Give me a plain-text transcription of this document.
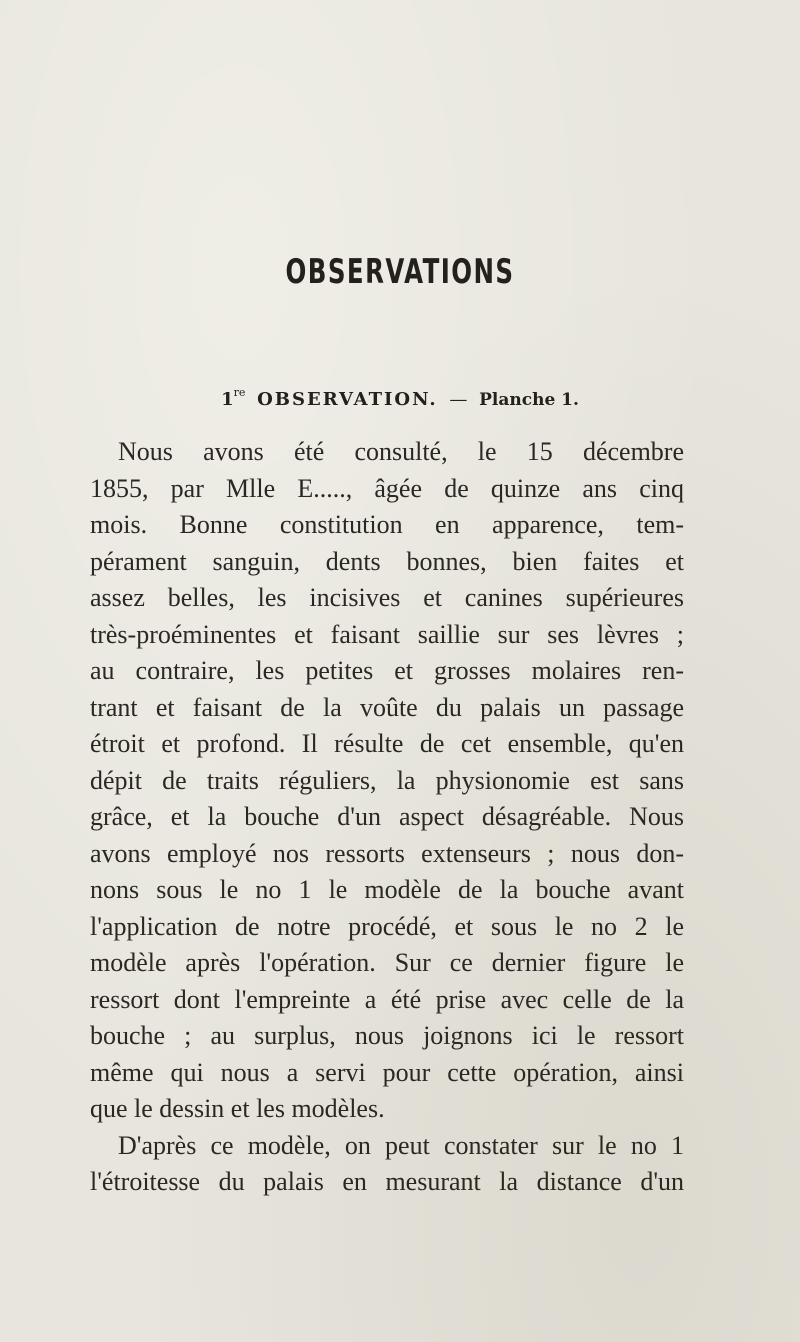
OBSERVATIONS
1re OBSERVATION. — Planche 1.
Nous avons été consulté, le 15 décembre
1855, par Mlle E....., âgée de quinze ans cinq
mois. Bonne constitution en apparence, tem-
pérament sanguin, dents bonnes, bien faites et
assez belles, les incisives et canines supérieures
très-proéminentes et faisant saillie sur ses lèvres ;
au contraire, les petites et grosses molaires ren-
trant et faisant de la voûte du palais un passage
étroit et profond. Il résulte de cet ensemble, qu'en
dépit de traits réguliers, la physionomie est sans
grâce, et la bouche d'un aspect désagréable. Nous
avons employé nos ressorts extenseurs ; nous don-
nons sous le no 1 le modèle de la bouche avant
l'application de notre procédé, et sous le no 2 le
modèle après l'opération. Sur ce dernier figure le
ressort dont l'empreinte a été prise avec celle de la
bouche ; au surplus, nous joignons ici le ressort
même qui nous a servi pour cette opération, ainsi
que le dessin et les modèles.
D'après ce modèle, on peut constater sur le no 1
l'étroitesse du palais en mesurant la distance d'un
